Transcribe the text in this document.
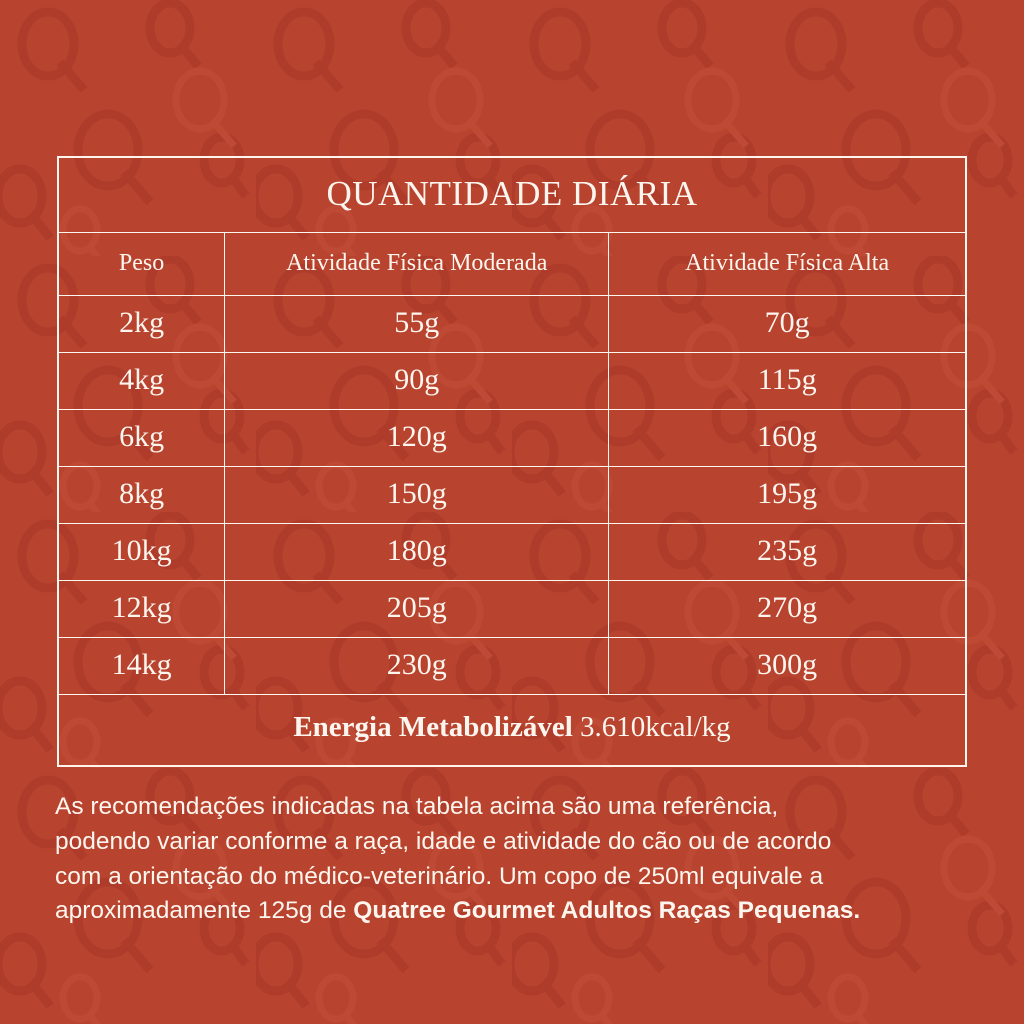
QUANTIDADE DIÁRIA		
Peso	Atividade Física Moderada	Atividade Física Alta
2kg	55g	70g
4kg	90g	115g
6kg	120g	160g
8kg	150g	195g
10kg	180g	235g
12kg	205g	270g
14kg	230g	300g
Energia Metabolizável 3.610kcal/kg		
As recomendações indicadas na tabela acima são uma referência,
podendo variar conforme a raça, idade e atividade do cão ou de acordo
com a orientação do médico-veterinário. Um copo de 250ml equivale a
aproximadamente 125g de Quatree Gourmet Adultos Raças Pequenas.
